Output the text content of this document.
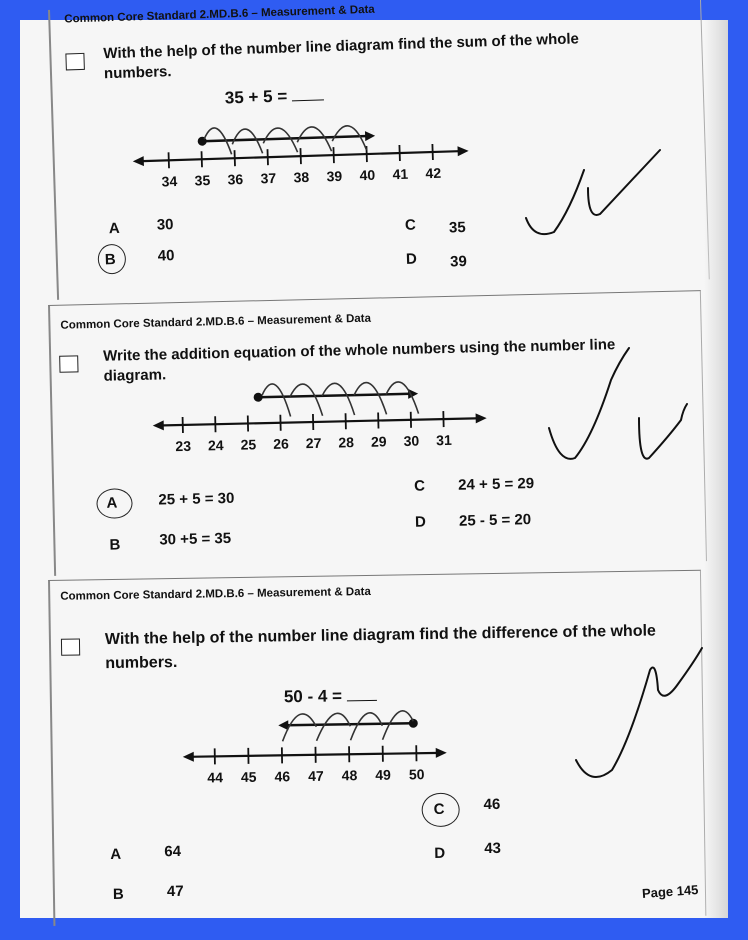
Common Core Standard 2.MD.B.6 – Measurement & Data
With the help of the number line diagram find the sum of the whole numbers.
35 + 5 =
34 35 36 37 38 39 40 41 42
A 30
B	40
C 35
D 39
Common Core Standard 2.MD.B.6 – Measurement & Data
Write the addition equation of the whole numbers using the number line diagram.
23 24 25 26 27 28 29 30 31
A	25 + 5 = 30
B	30 +5 = 35
C 24 + 5 = 29
D 25 - 5 = 20
Common Core Standard 2.MD.B.6 – Measurement & Data
With the help of the number line diagram find the difference of the whole numbers.
50 - 4 =
44 45 46 47 48 49 50
A	64
B	47
C	46
D	43
Page 145
